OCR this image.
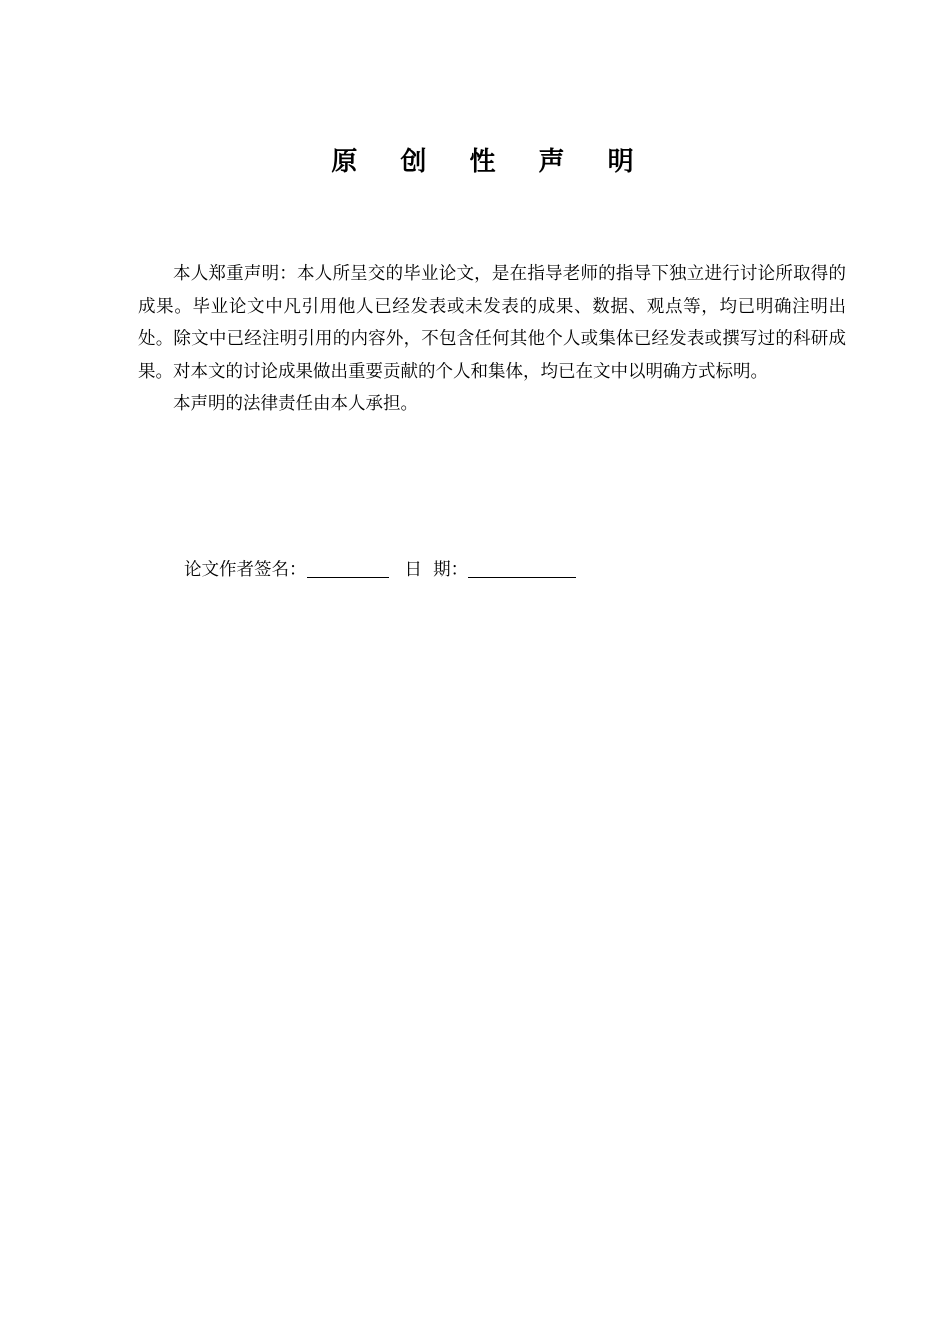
原 创 性 声 明

本人郑重声明：本人所呈交的毕业论文，是在指导老师的指导下独立进行讨论所取得的成果。毕业论文中凡引用他人已经发表或未发表的成果、数据、观点等，均已明确注明出处。除文中已经注明引用的内容外，不包含任何其他个人或集体已经发表或撰写过的科研成果。对本文的讨论成果做出重要贡献的个人和集体，均已在文中以明确方式标明。

本声明的法律责任由本人承担。

论文作者签名：	日  期：
